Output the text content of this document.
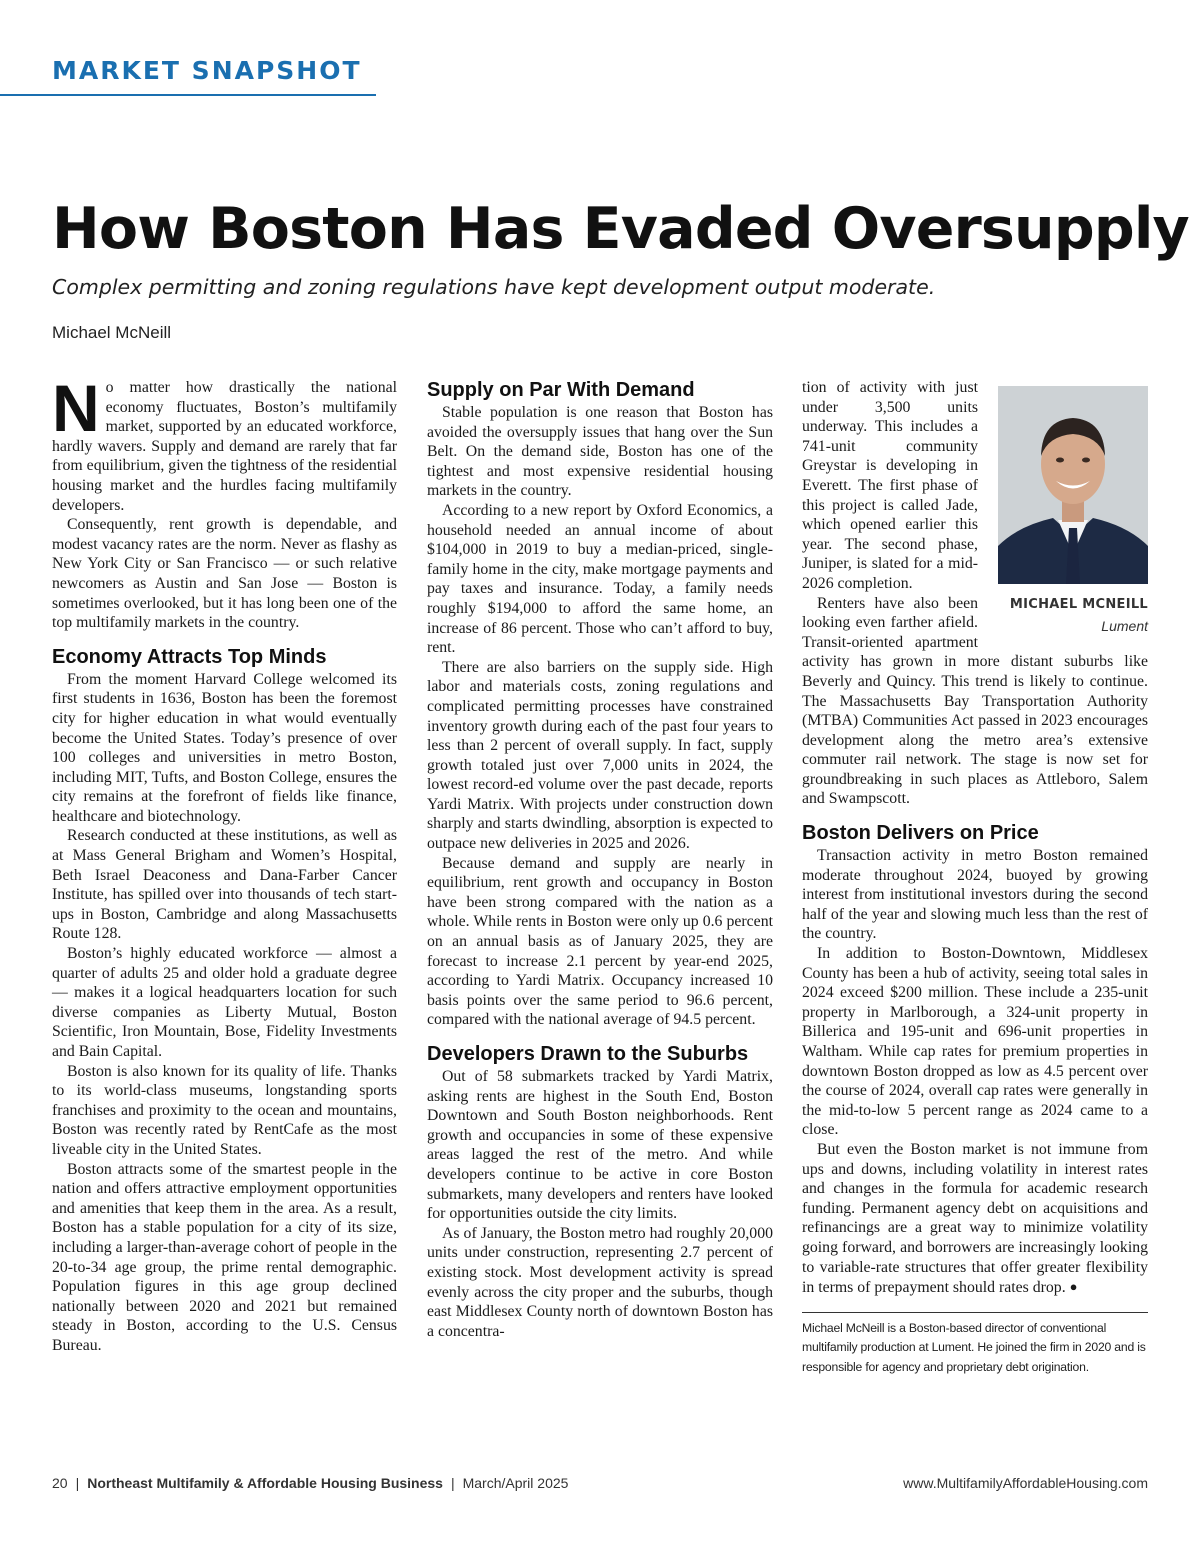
MARKET SNAPSHOT
How Boston Has Evaded Oversupply
Complex permitting and zoning regulations have kept development output moderate.
Michael McNeill

No matter how drastically the national economy fluctuates, Boston’s multifamily market, supported by an educated workforce, hardly wavers. Supply and demand are rarely that far from equilibrium, given the tightness of the residential housing market and the hurdles facing multifamily developers.

Consequently, rent growth is dependable, and modest vacancy rates are the norm. Never as flashy as New York City or San Francisco — or such relative newcomers as Austin and San Jose — Boston is sometimes overlooked, but it has long been one of the top multifamily markets in the country.

Economy Attracts Top Minds

From the moment Harvard College welcomed its first students in 1636, Boston has been the foremost city for higher education in what would eventually become the United States. Today’s presence of over 100 colleges and universities in metro Boston, including MIT, Tufts, and Boston College, ensures the city remains at the forefront of fields like finance, healthcare and biotechnology.

Research conducted at these institutions, as well as at Mass General Brigham and Women’s Hospital, Beth Israel Deaconess and Dana-Farber Cancer Institute, has spilled over into thousands of tech start-ups in Boston, Cambridge and along Massachusetts Route 128.

Boston’s highly educated workforce — almost a quarter of adults 25 and older hold a graduate degree — makes it a logical headquarters location for such diverse companies as Liberty Mutual, Boston Scientific, Iron Mountain, Bose, Fidelity Investments and Bain Capital.

Boston is also known for its quality of life. Thanks to its world-class museums, longstanding sports franchises and proximity to the ocean and mountains, Boston was recently rated by RentCafe as the most liveable city in the United States.

Boston attracts some of the smartest people in the nation and offers attractive employment opportunities and amenities that keep them in the area. As a result, Boston has a stable population for a city of its size, including a larger-than-average cohort of people in the 20-to-34 age group, the prime rental demographic. Population figures in this age group declined nationally between 2020 and 2021 but remained steady in Boston, according to the U.S. Census Bureau.

Supply on Par With Demand

Stable population is one reason that Boston has avoided the oversupply issues that hang over the Sun Belt. On the demand side, Boston has one of the tightest and most expensive residential housing markets in the country.

According to a new report by Oxford Economics, a household needed an annual income of about $104,000 in 2019 to buy a median-priced, single-family home in the city, make mortgage payments and pay taxes and insurance. Today, a family needs roughly $194,000 to afford the same home, an increase of 86 percent. Those who can’t afford to buy, rent.

There are also barriers on the supply side. High labor and materials costs, zoning regulations and complicated permitting processes have constrained inventory growth during each of the past four years to less than 2 percent of overall supply. In fact, supply growth totaled just over 7,000 units in 2024, the lowest record-ed volume over the past decade, reports Yardi Matrix. With projects under construction down sharply and starts dwindling, absorption is expected to outpace new deliveries in 2025 and 2026.

Because demand and supply are nearly in equilibrium, rent growth and occupancy in Boston have been strong compared with the nation as a whole. While rents in Boston were only up 0.6 percent on an annual basis as of January 2025, they are forecast to increase 2.1 percent by year-end 2025, according to Yardi Matrix. Occupancy increased 10 basis points over the same period to 96.6 percent, compared with the national average of 94.5 percent.

Developers Drawn to the Suburbs

Out of 58 submarkets tracked by Yardi Matrix, asking rents are highest in the South End, Boston Downtown and South Boston neighborhoods. Rent growth and occupancies in some of these expensive areas lagged the rest of the metro. And while developers continue to be active in core Boston submarkets, many developers and renters have looked for opportunities outside the city limits.

As of January, the Boston metro had roughly 20,000 units under construction, representing 2.7 percent of existing stock. Most development activity is spread evenly across the city proper and the suburbs, though east Middlesex County north of downtown Boston has a concentra-

MICHAEL MCNEILL
Lument

tion of activity with just under 3,500 units underway. This includes a 741-unit community Greystar is developing in Everett. The first phase of this project is called Jade, which opened earlier this year. The second phase, Juniper, is slated for a mid-2026 completion.

Renters have also been looking even farther afield. Transit-oriented apartment activity has grown in more distant suburbs like Beverly and Quincy. This trend is likely to continue. The Massachusetts Bay Transportation Authority (MTBA) Communities Act passed in 2023 encourages development along the metro area’s extensive commuter rail network. The stage is now set for groundbreaking in such places as Attleboro, Salem and Swampscott.

Boston Delivers on Price

Transaction activity in metro Boston remained moderate throughout 2024, buoyed by growing interest from institutional investors during the second half of the year and slowing much less than the rest of the country.

In addition to Boston-Downtown, Middlesex County has been a hub of activity, seeing total sales in 2024 exceed $200 million. These include a 235-unit property in Marlborough, a 324-unit property in Billerica and 195-unit and 696-unit properties in Waltham. While cap rates for premium properties in downtown Boston dropped as low as 4.5 percent over the course of 2024, overall cap rates were generally in the mid-to-low 5 percent range as 2024 came to a close.

But even the Boston market is not immune from ups and downs, including volatility in interest rates and changes in the formula for academic research funding. Permanent agency debt on acquisitions and refinancings are a great way to minimize volatility going forward, and borrowers are increasingly looking to variable-rate structures that offer greater flexibility in terms of prepayment should rates drop. ●

Michael McNeill is a Boston-based director of conventional multifamily production at Lument. He joined the firm in 2020 and is responsible for agency and proprietary debt origination.
20 | Northeast Multifamily & Affordable Housing Business | March/April 2025	www.MultifamilyAffordableHousing.com
